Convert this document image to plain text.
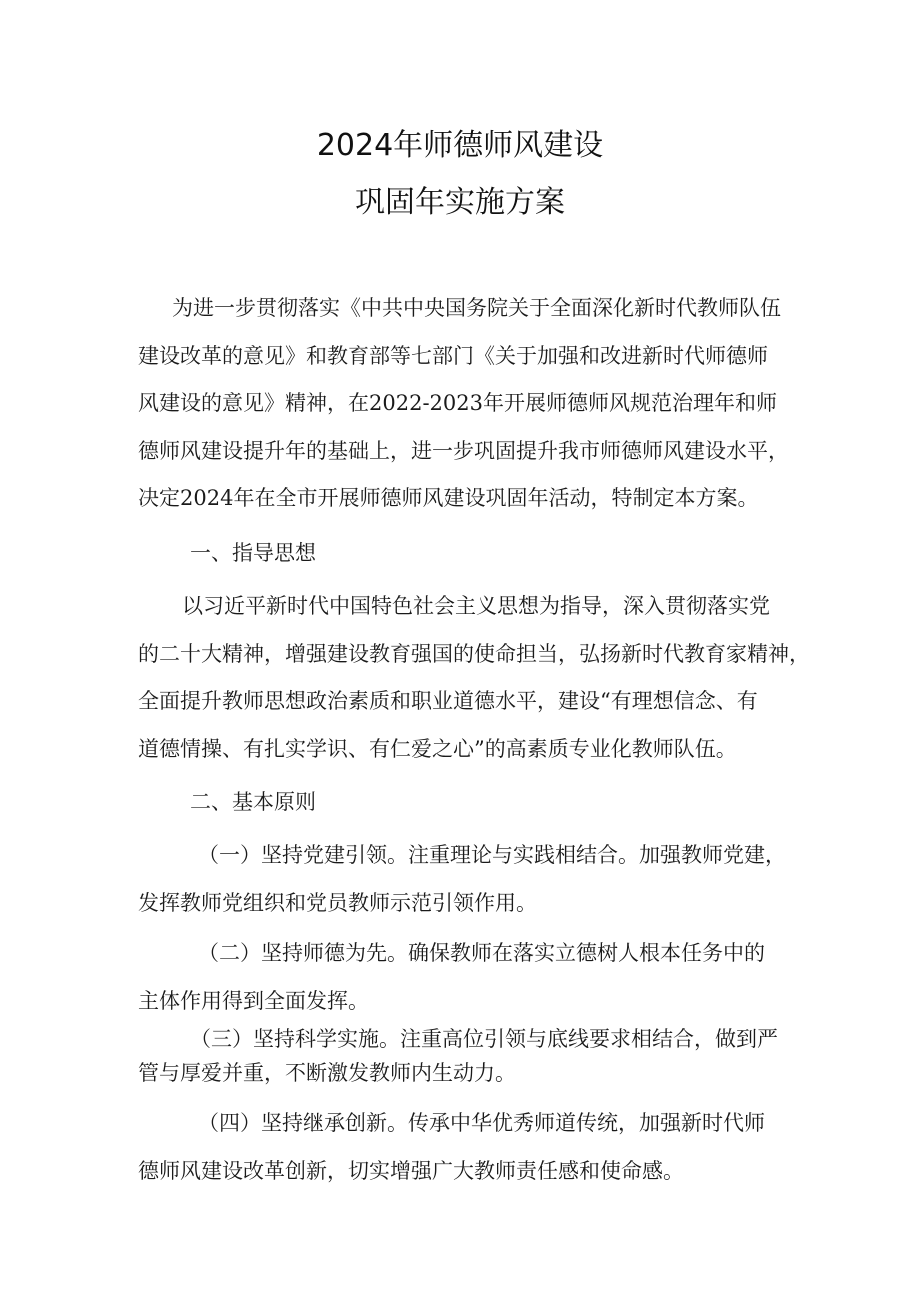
2024年师德师风建设
巩固年实施方案
为进一步贯彻落实《中共中央国务院关于全面深化新时代教师队伍
建设改革的意见》和教育部等七部门《关于加强和改进新时代师德师
风建设的意见》精神，在2022-2023年开展师德师风规范治理年和师
德师风建设提升年的基础上，进一步巩固提升我市师德师风建设水平，
决定2024年在全市开展师德师风建设巩固年活动，特制定本方案。
一、指导思想
以习近平新时代中国特色社会主义思想为指导，深入贯彻落实党
的二十大精神，增强建设教育强国的使命担当，弘扬新时代教育家精神，
全面提升教师思想政治素质和职业道德水平，建设“有理想信念、有
道德情操、有扎实学识、有仁爱之心”的高素质专业化教师队伍。
二、基本原则
（一）坚持党建引领。注重理论与实践相结合。加强教师党建，
发挥教师党组织和党员教师示范引领作用。
（二）坚持师德为先。确保教师在落实立德树人根本任务中的
主体作用得到全面发挥。
（三）坚持科学实施。注重高位引领与底线要求相结合，做到严
管与厚爱并重，不断激发教师内生动力。
（四）坚持继承创新。传承中华优秀师道传统，加强新时代师
德师风建设改革创新，切实增强广大教师责任感和使命感。
